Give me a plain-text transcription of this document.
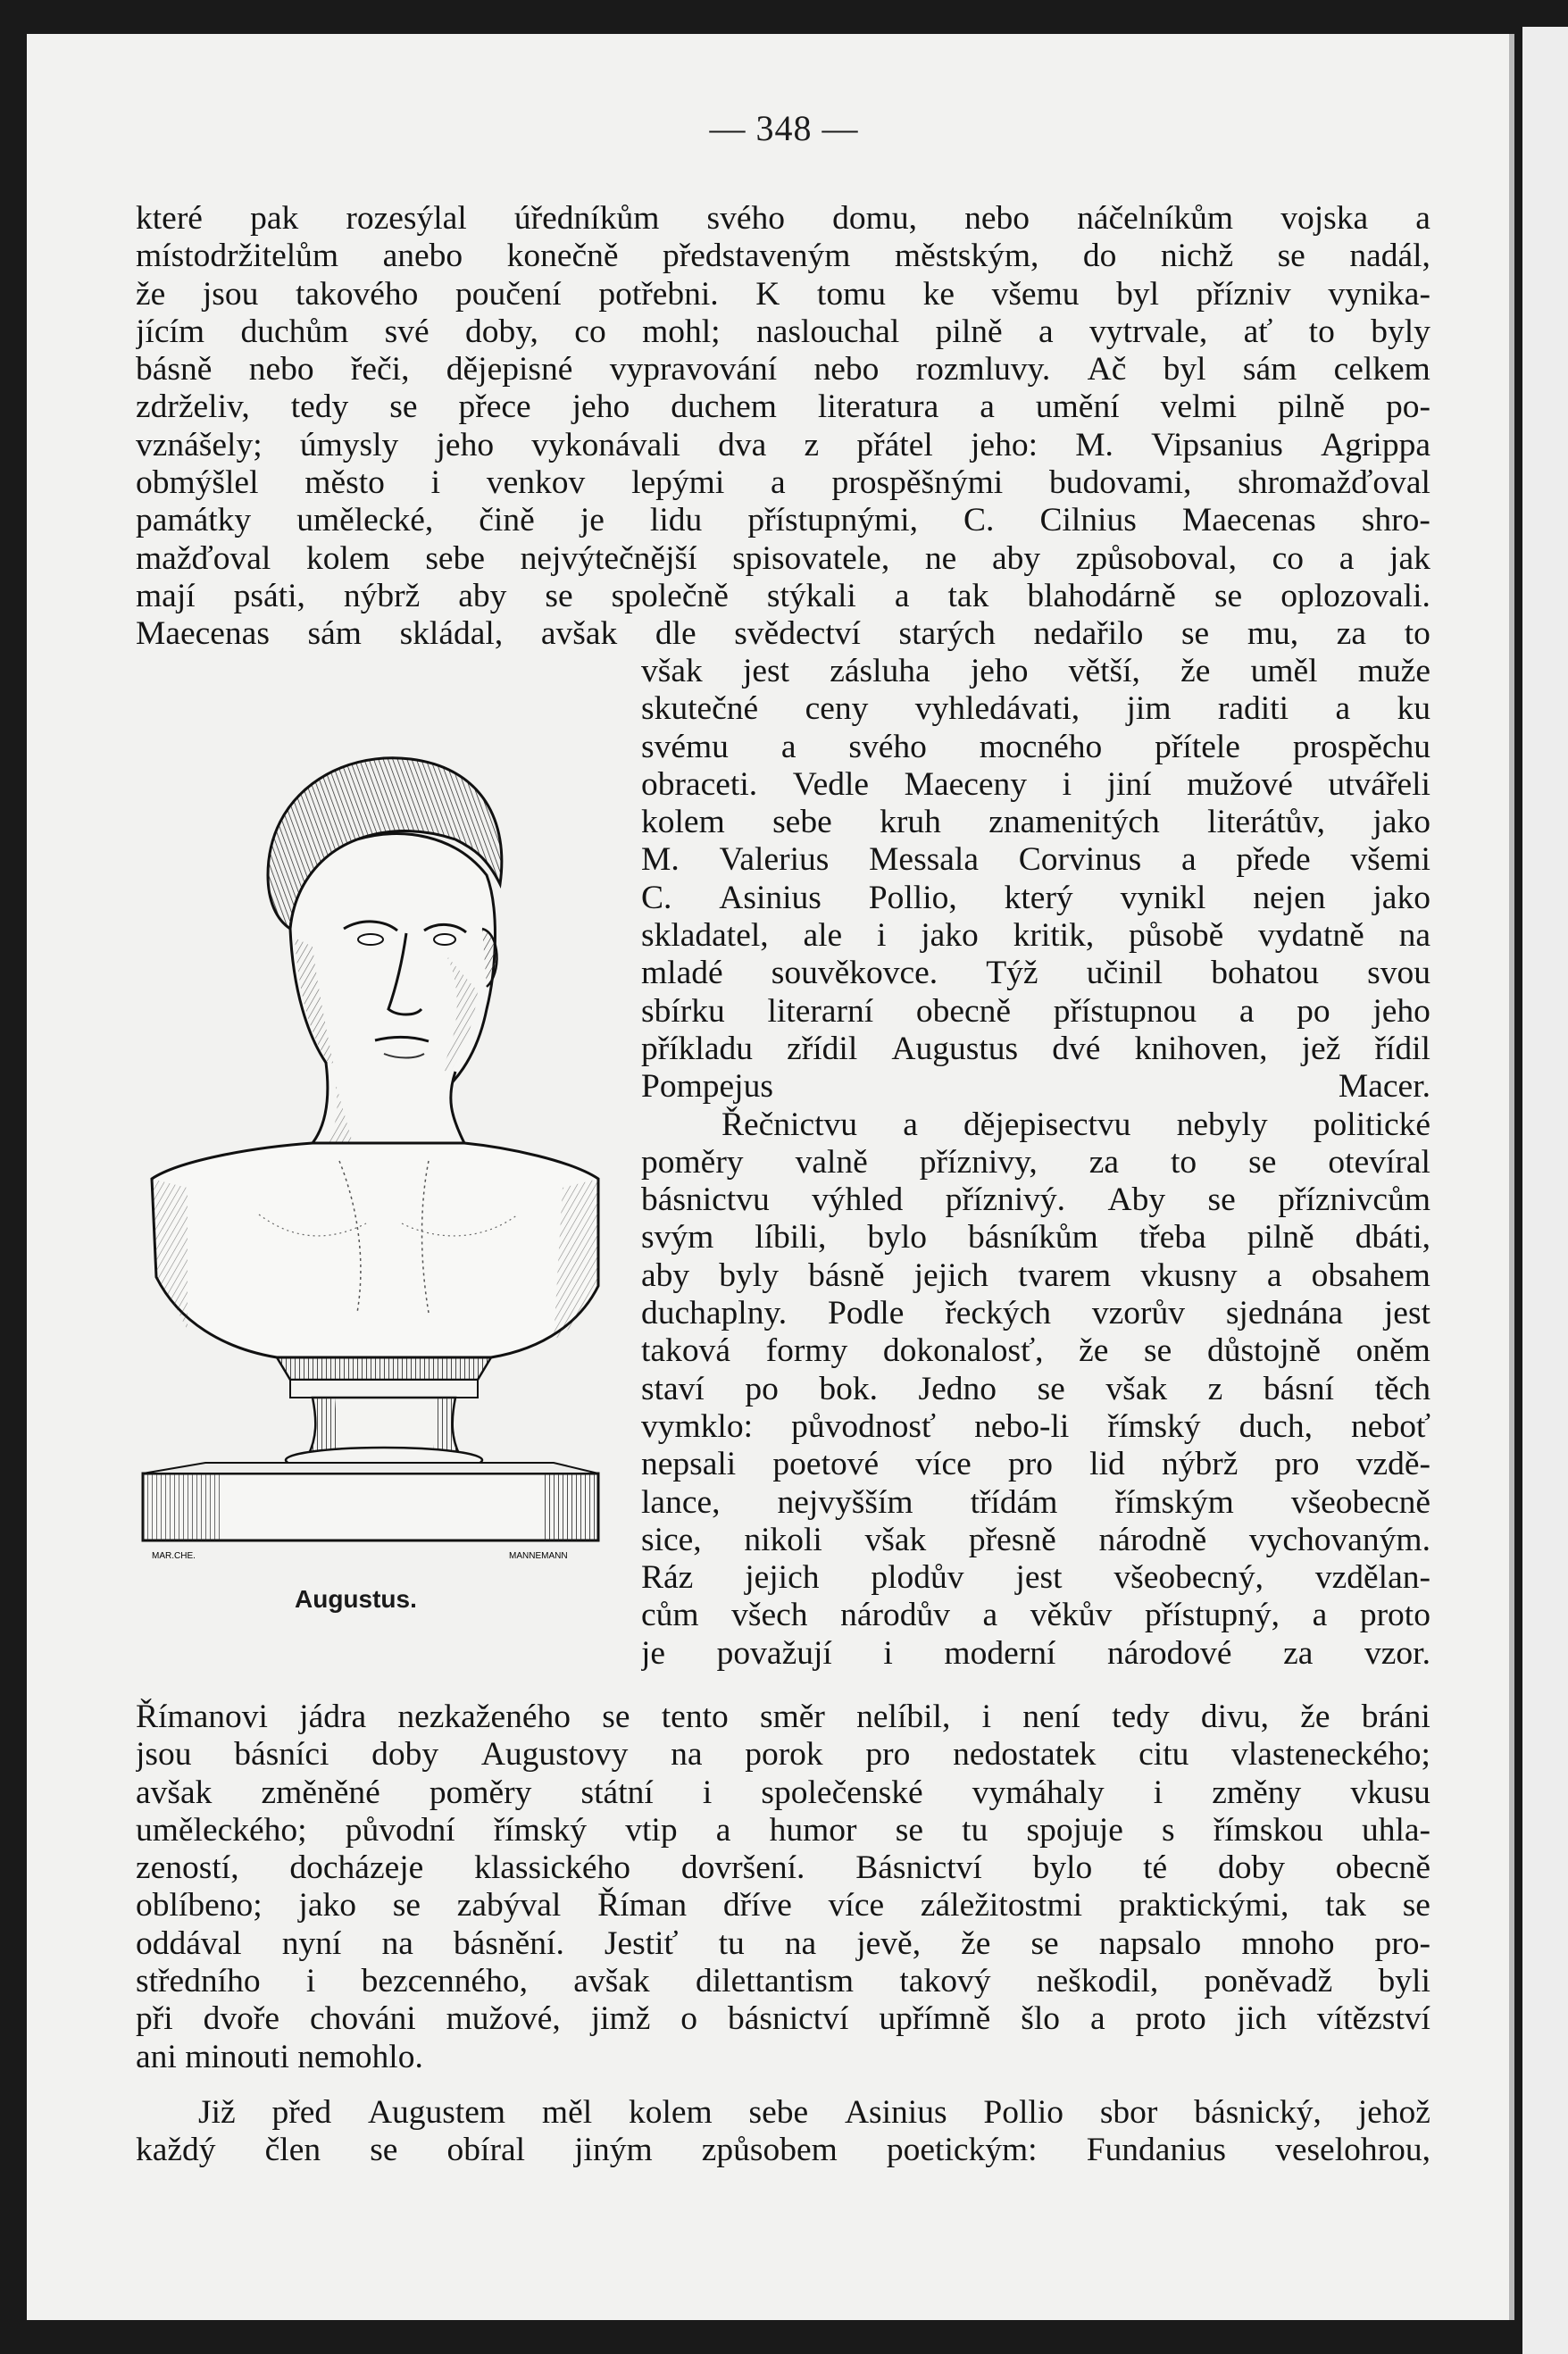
— 348 —
které pak rozesýlal úředníkům svého domu, nebo náčelníkům vojska a
místodržitelům anebo konečně představeným městským, do nichž se nadál,
že jsou takového poučení potřebni. K tomu ke všemu byl přízniv vynika-
jícím duchům své doby, co mohl; naslouchal pilně a vytrvale, ať to byly
básně nebo řeči, dějepisné vypravování nebo rozmluvy. Ač byl sám celkem
zdrželiv, tedy se přece jeho duchem literatura a umění velmi pilně po-
vznášely; úmysly jeho vykonávali dva z přátel jeho: M. Vipsanius Agrippa
obmýšlel město i venkov lepými a prospěšnými budovami, shromažďoval
památky umělecké, čině je lidu přístupnými, C. Cilnius Maecenas shro-
mažďoval kolem sebe nejvýtečnější spisovatele, ne aby způsoboval, co a jak
mají psáti, nýbrž aby se společně stýkali a tak blahodárně se oplozovali.
Maecenas sám skládal, avšak dle svědectví starých nedařilo se mu, za to
však jest zásluha jeho větší, že uměl muže
skutečné ceny vyhledávati, jim raditi a ku
svému a svého mocného přítele prospěchu
obraceti. Vedle Maeceny i jiní mužové utvářeli
kolem sebe kruh znamenitých literátův, jako
M. Valerius Messala Corvinus a přede všemi
C. Asinius Pollio, který vynikl nejen jako
skladatel, ale i jako kritik, působě vydatně na
mladé souvěkovce. Týž učinil bohatou svou
sbírku literarní obecně přístupnou a po jeho
příkladu zřídil Augustus dvé knihoven, jež řídil
Pompejus	Macer.
Řečnictvu a dějepisectvu nebyly politické
poměry valně příznivy, za to se otevíral
básnictvu výhled příznivý. Aby se příznivcům
svým líbili, bylo básníkům třeba pilně dbáti,
aby byly básně jejich tvarem vkusny a obsahem
duchaplny. Podle řeckých vzorův sjednána jest
taková formy dokonalosť, že se důstojně oněm
staví po bok. Jedno se však z básní těch
vymklo: původnosť nebo-li římský duch, neboť
nepsali poetové více pro lid nýbrž pro vzdě-
lance, nejvyšším třídám římským všeobecně
sice, nikoli však přesně národně vychovaným.
Ráz jejich plodův jest všeobecný, vzdělan-
cům všech národův a věkův přístupný, a proto
je považují i moderní národové za vzor.
Římanovi jádra nezkaženého se tento směr nelíbil, i není tedy divu, že bráni
jsou básníci doby Augustovy na porok pro nedostatek citu vlasteneckého;
avšak změněné poměry státní i společenské vymáhaly i změny vkusu
uměleckého; původní římský vtip a humor se tu spojuje s římskou uhla-
zeností, docházeje klassického dovršení. Básnictví bylo té doby obecně
oblíbeno; jako se zabýval Říman dříve více záležitostmi praktickými, tak se
oddával nyní na básnění. Jestiť tu na jevě, že se napsalo mnoho pro-
středního i bezcenného, avšak dilettantism takový neškodil, poněvadž byli
při dvoře chováni mužové, jimž o básnictví upřímně šlo a proto jich vítězství
ani minouti nemohlo.
Již před Augustem měl kolem sebe Asinius Pollio sbor básnický, jehož
každý člen se obíral jiným způsobem poetickým: Fundanius veselohrou,
MAR.CHE.	MANNEMANN
Augustus.
